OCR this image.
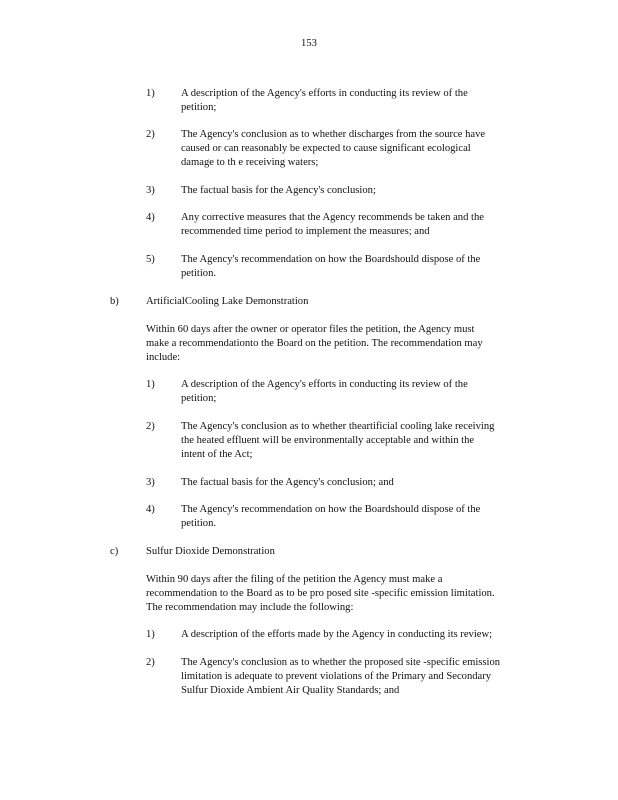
153
1) A description of the Agency's efforts in conducting its review of the
petition;
2) The Agency's conclusion as to whether discharges from the source have
caused or can reasonably be expected to cause significant ecological
damage to th e receiving waters;
3) The factual basis for the Agency's conclusion;
4) Any corrective measures that the Agency recommends be taken and the
recommended time period to implement the measures; and
5) The Agency's recommendation on how the Boardshould dispose of the
petition.
b)	ArtificialCooling Lake Demonstration
Within 60 days after the owner or operator files the petition, the Agency must
make a recommendationto the Board on the petition. The recommendation may
include:
1) A description of the Agency's efforts in conducting its review of the
petition;
2) The Agency's conclusion as to whether theartificial cooling lake receiving
the heated effluent will be environmentally acceptable and within the
intent of the Act;
3) The factual basis for the Agency's conclusion; and
4) The Agency's recommendation on how the Boardshould dispose of the
petition.
c)	Sulfur Dioxide Demonstration
Within 90 days after the filing of the petition the Agency must make a
recommendation to the Board as to be pro posed site -specific emission limitation.
The recommendation may include the following:
1) A description of the efforts made by the Agency in conducting its review;
2) The Agency's conclusion as to whether the proposed site -specific emission
limitation is adequate to prevent violations of the Primary and Secondary
Sulfur Dioxide Ambient Air Quality Standards; and
